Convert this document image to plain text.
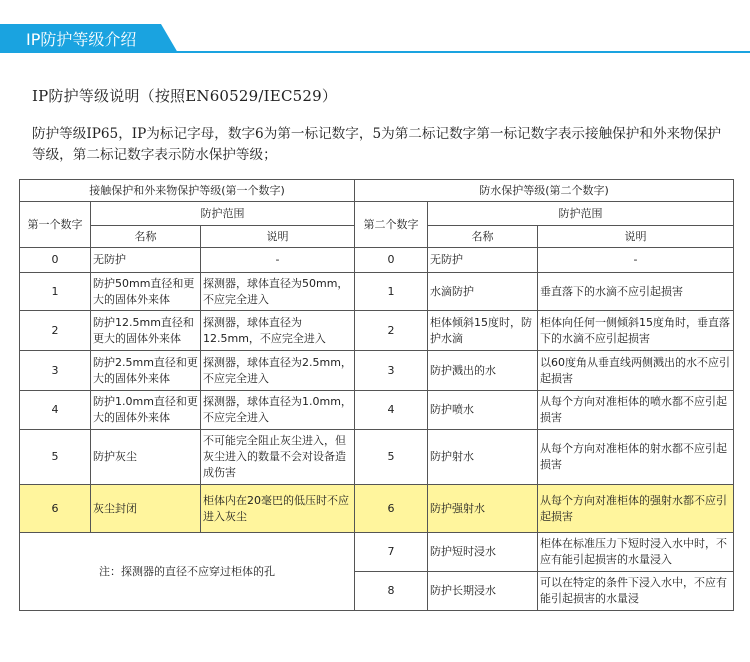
IP防护等级介绍
IP防护等级说明（按照EN60529/IEC529）
防护等级IP65，IP为标记字母，数字6为第一标记数字，5为第二标记数字第一标记数字表示接触保护和外来物保护等级，第二标记数字表示防水保护等级；
接触保护和外来物保护等级(第一个数字)			防水保护等级(第二个数字)		
第一个数字	防护范围		第二个数字	防护范围	
	名称	说明		名称	说明
0	无防护	-	0	无防护	-
1	防护50mm直径和更大的固体外来体	探测器，球体直径为50mm，不应完全进入	1	水滴防护	垂直落下的水滴不应引起损害
2	防护12.5mm直径和更大的固体外来体	探测器，球体直径为12.5mm，不应完全进入	2	柜体倾斜15度时，防护水滴	柜体向任何一侧倾斜15度角时，垂直落下的水滴不应引起损害
3	防护2.5mm直径和更大的固体外来体	探测器，球体直径为2.5mm，不应完全进入	3	防护溅出的水	以60度角从垂直线两侧溅出的水不应引起损害
4	防护1.0mm直径和更大的固体外来体	探测器，球体直径为1.0mm，不应完全进入	4	防护喷水	从每个方向对准柜体的喷水都不应引起损害
5	防护灰尘	不可能完全阻止灰尘进入，但灰尘进入的数量不会对设备造成伤害	5	防护射水	从每个方向对准柜体的射水都不应引起损害
6	灰尘封闭	柜体内在20毫巴的低压时不应进入灰尘	6	防护强射水	从每个方向对准柜体的强射水都不应引起损害
注：探测器的直径不应穿过柜体的孔			7	防护短时浸水	柜体在标准压力下短时浸入水中时，不应有能引起损害的水量浸入
			8	防护长期浸水	可以在特定的条件下浸入水中，不应有能引起损害的水量浸
